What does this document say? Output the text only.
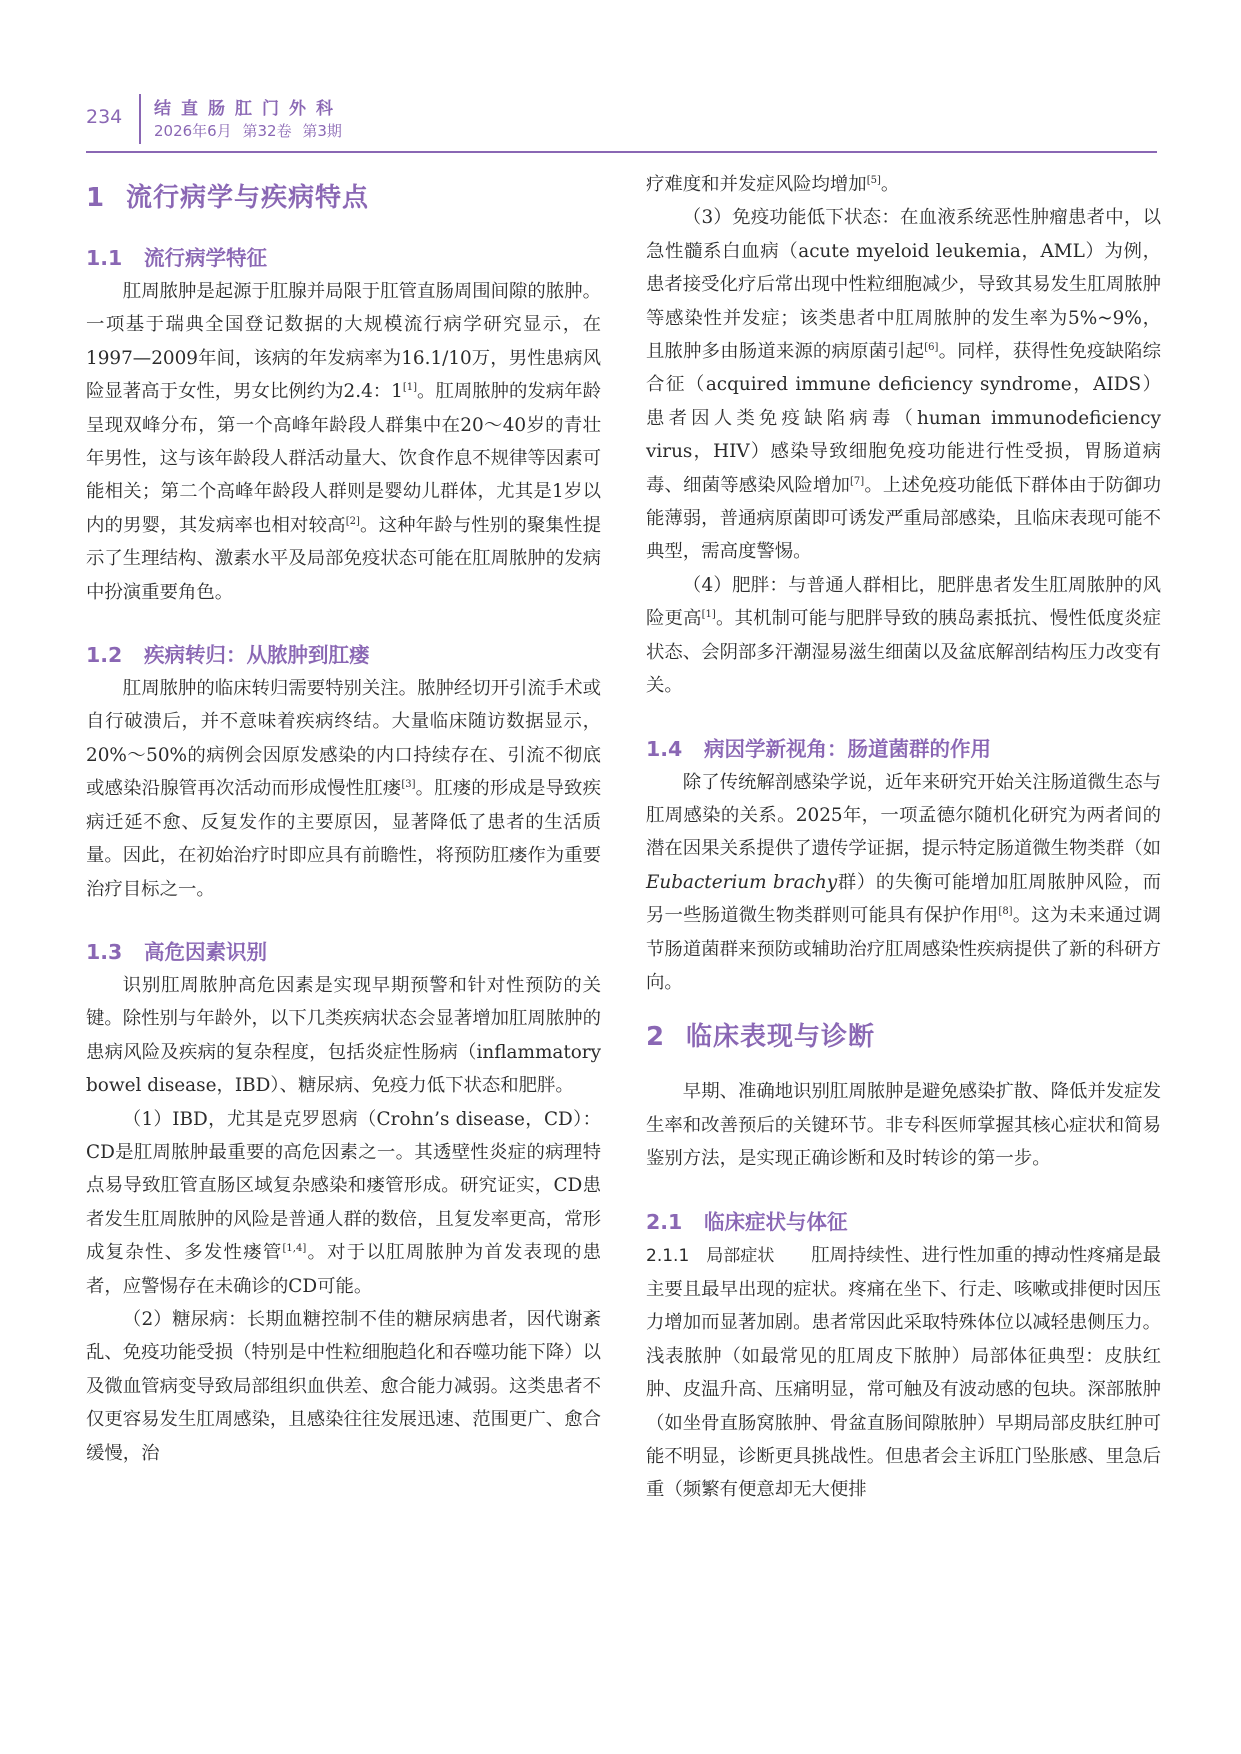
234 结直肠肛门外科
2026年6月 第32卷 第3期
1 流行病学与疾病特点
1.1 流行病学特征

肛周脓肿是起源于肛腺并局限于肛管直肠周围间隙的脓肿。一项基于瑞典全国登记数据的大规模流行病学研究显示，在1997—2009年间，该病的年发病率为16.1/10万，男性患病风险显著高于女性，男女比例约为2.4：1[1]。肛周脓肿的发病年龄呈现双峰分布，第一个高峰年龄段人群集中在20～40岁的青壮年男性，这与该年龄段人群活动量大、饮食作息不规律等因素可能相关；第二个高峰年龄段人群则是婴幼儿群体，尤其是1岁以内的男婴，其发病率也相对较高[2]。这种年龄与性别的聚集性提示了生理结构、激素水平及局部免疫状态可能在肛周脓肿的发病中扮演重要角色。

1.2 疾病转归：从脓肿到肛瘘

肛周脓肿的临床转归需要特别关注。脓肿经切开引流手术或自行破溃后，并不意味着疾病终结。大量临床随访数据显示，20%～50%的病例会因原发感染的内口持续存在、引流不彻底或感染沿腺管再次活动而形成慢性肛瘘[3]。肛瘘的形成是导致疾病迁延不愈、反复发作的主要原因，显著降低了患者的生活质量。因此，在初始治疗时即应具有前瞻性，将预防肛瘘作为重要治疗目标之一。

1.3 高危因素识别

识别肛周脓肿高危因素是实现早期预警和针对性预防的关键。除性别与年龄外，以下几类疾病状态会显著增加肛周脓肿的患病风险及疾病的复杂程度，包括炎症性肠病（inflammatory bowel disease，IBD）、糖尿病、免疫力低下状态和肥胖。

（1）IBD，尤其是克罗恩病（Crohn’s disease，CD）：CD是肛周脓肿最重要的高危因素之一。其透壁性炎症的病理特点易导致肛管直肠区域复杂感染和瘘管形成。研究证实，CD患者发生肛周脓肿的风险是普通人群的数倍，且复发率更高，常形成复杂性、多发性瘘管[1,4]。对于以肛周脓肿为首发表现的患者，应警惕存在未确诊的CD可能。

（2）糖尿病：长期血糖控制不佳的糖尿病患者，因代谢紊乱、免疫功能受损（特别是中性粒细胞趋化和吞噬功能下降）以及微血管病变导致局部组织血供差、愈合能力减弱。这类患者不仅更容易发生肛周感染，且感染往往发展迅速、范围更广、愈合缓慢，治

疗难度和并发症风险均增加[5]。

（3）免疫功能低下状态：在血液系统恶性肿瘤患者中，以急性髓系白血病（acute myeloid leukemia，AML）为例，患者接受化疗后常出现中性粒细胞减少，导致其易发生肛周脓肿等感染性并发症；该类患者中肛周脓肿的发生率为5%~9%，且脓肿多由肠道来源的病原菌引起[6]。同样，获得性免疫缺陷综合征（acquired immune deficiency syndrome，AIDS）患者因人类免疫缺陷病毒（human immunodeficiency virus，HIV）感染导致细胞免疫功能进行性受损，胃肠道病毒、细菌等感染风险增加[7]。上述免疫功能低下群体由于防御功能薄弱，普通病原菌即可诱发严重局部感染，且临床表现可能不典型，需高度警惕。

（4）肥胖：与普通人群相比，肥胖患者发生肛周脓肿的风险更高[1]。其机制可能与肥胖导致的胰岛素抵抗、慢性低度炎症状态、会阴部多汗潮湿易滋生细菌以及盆底解剖结构压力改变有关。

1.4 病因学新视角：肠道菌群的作用

除了传统解剖感染学说，近年来研究开始关注肠道微生态与肛周感染的关系。2025年，一项孟德尔随机化研究为两者间的潜在因果关系提供了遗传学证据，提示特定肠道微生物类群（如Eubacterium brachy群）的失衡可能增加肛周脓肿风险，而另一些肠道微生物类群则可能具有保护作用[8]。这为未来通过调节肠道菌群来预防或辅助治疗肛周感染性疾病提供了新的科研方向。

2 临床表现与诊断

早期、准确地识别肛周脓肿是避免感染扩散、降低并发症发生率和改善预后的关键环节。非专科医师掌握其核心症状和简易鉴别方法，是实现正确诊断和及时转诊的第一步。

2.1 临床症状与体征

2.1.1　局部症状　　肛周持续性、进行性加重的搏动性疼痛是最主要且最早出现的症状。疼痛在坐下、行走、咳嗽或排便时因压力增加而显著加剧。患者常因此采取特殊体位以减轻患侧压力。浅表脓肿（如最常见的肛周皮下脓肿）局部体征典型：皮肤红肿、皮温升高、压痛明显，常可触及有波动感的包块。深部脓肿（如坐骨直肠窝脓肿、骨盆直肠间隙脓肿）早期局部皮肤红肿可能不明显，诊断更具挑战性。但患者会主诉肛门坠胀感、里急后重（频繁有便意却无大便排
